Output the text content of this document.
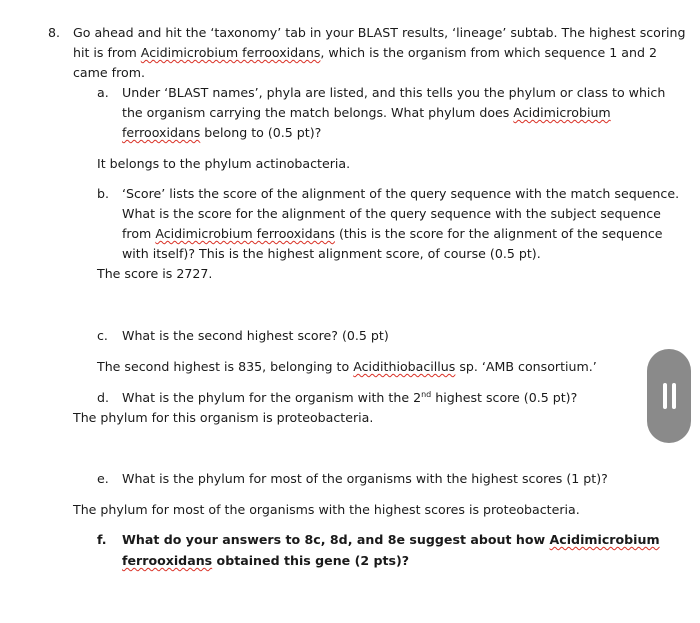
8. Go ahead and hit the ‘taxonomy’ tab in your BLAST results, ‘lineage’ subtab. The highest scoring
hit is from Acidimicrobium ferrooxidans, which is the organism from which sequence 1 and 2
came from.
a. Under ‘BLAST names’, phyla are listed, and this tells you the phylum or class to which
the organism carrying the match belongs. What phylum does Acidimicrobium
ferrooxidans belong to (0.5 pt)?
It belongs to the phylum actinobacteria.
b. ‘Score’ lists the score of the alignment of the query sequence with the match sequence.
What is the score for the alignment of the query sequence with the subject sequence
from Acidimicrobium ferrooxidans (this is the score for the alignment of the sequence
with itself)? This is the highest alignment score, of course (0.5 pt).
The score is 2727.
c. What is the second highest score? (0.5 pt)
The second highest is 835, belonging to Acidithiobacillus sp. ‘AMB consortium.’
d. What is the phylum for the organism with the 2nd highest score (0.5 pt)?
The phylum for this organism is proteobacteria.
e. What is the phylum for most of the organisms with the highest scores (1 pt)?
The phylum for most of the organisms with the highest scores is proteobacteria.
f. What do your answers to 8c, 8d, and 8e suggest about how Acidimicrobium
ferrooxidans obtained this gene (2 pts)?
